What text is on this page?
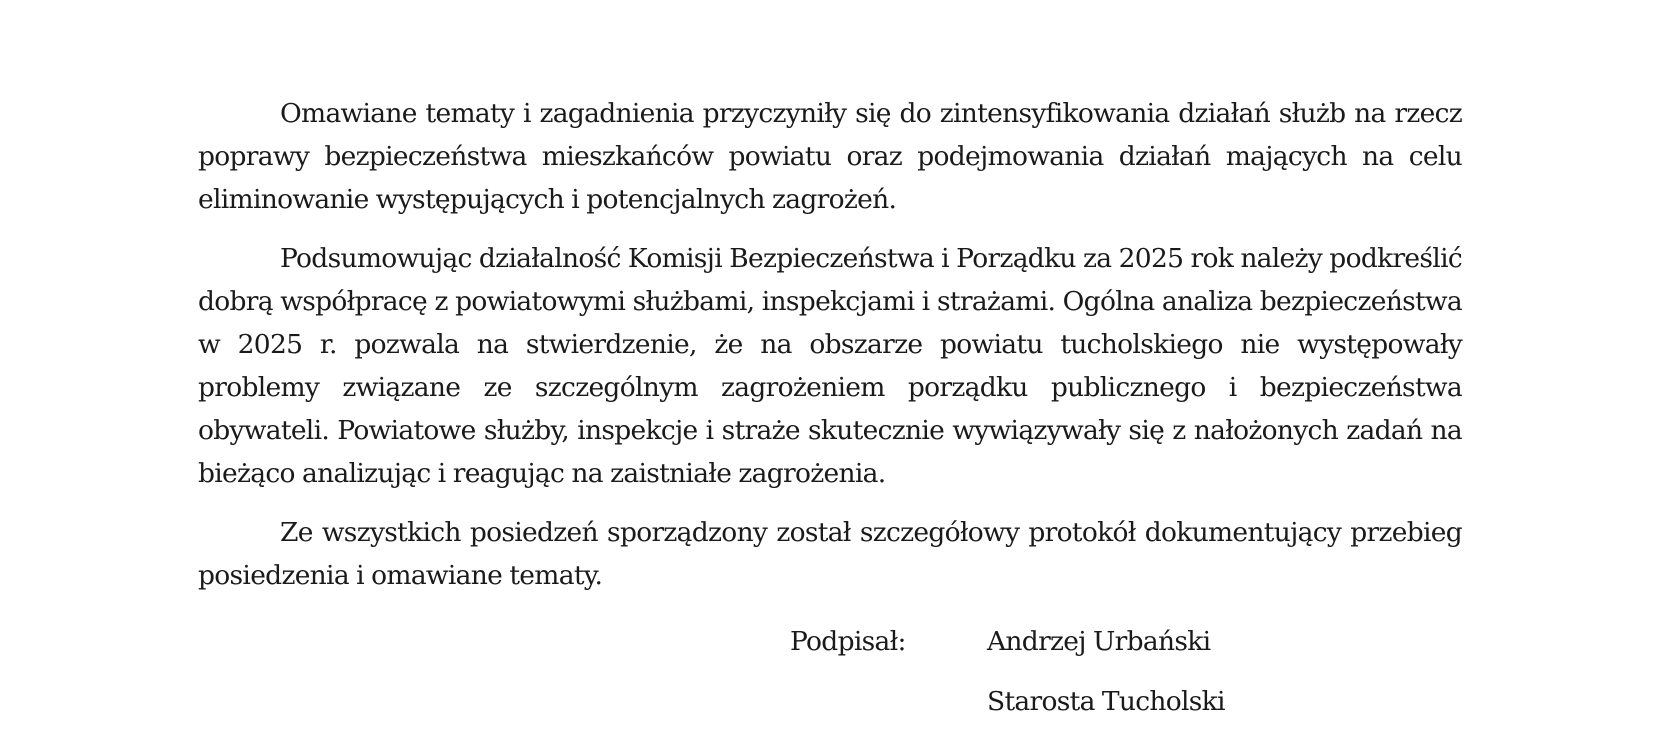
Omawiane tematy i zagadnienia przyczyniły się do zintensyfikowania działań służb na rzecz poprawy bezpieczeństwa mieszkańców powiatu oraz podejmowania działań mających na celu eliminowanie występujących i potencjalnych zagrożeń.

Podsumowując działalność Komisji Bezpieczeństwa i Porządku za 2025 rok należy podkreślić dobrą współpracę z powiatowymi służbami, inspekcjami i strażami. Ogólna analiza bezpieczeństwa w 2025 r. pozwala na stwierdzenie, że na obszarze powiatu tucholskiego nie występowały problemy związane ze szczególnym zagrożeniem porządku publicznego i bezpieczeństwa obywateli. Powiatowe służby, inspekcje i straże skutecznie wywiązywały się z nałożonych zadań na bieżąco analizując i reagując na zaistniałe zagrożenia.

Ze wszystkich posiedzeń sporządzony został szczegółowy protokół dokumentujący przebieg posiedzenia i omawiane tematy.

Podpisał:	Andrzej Urbański
Starosta Tucholski
